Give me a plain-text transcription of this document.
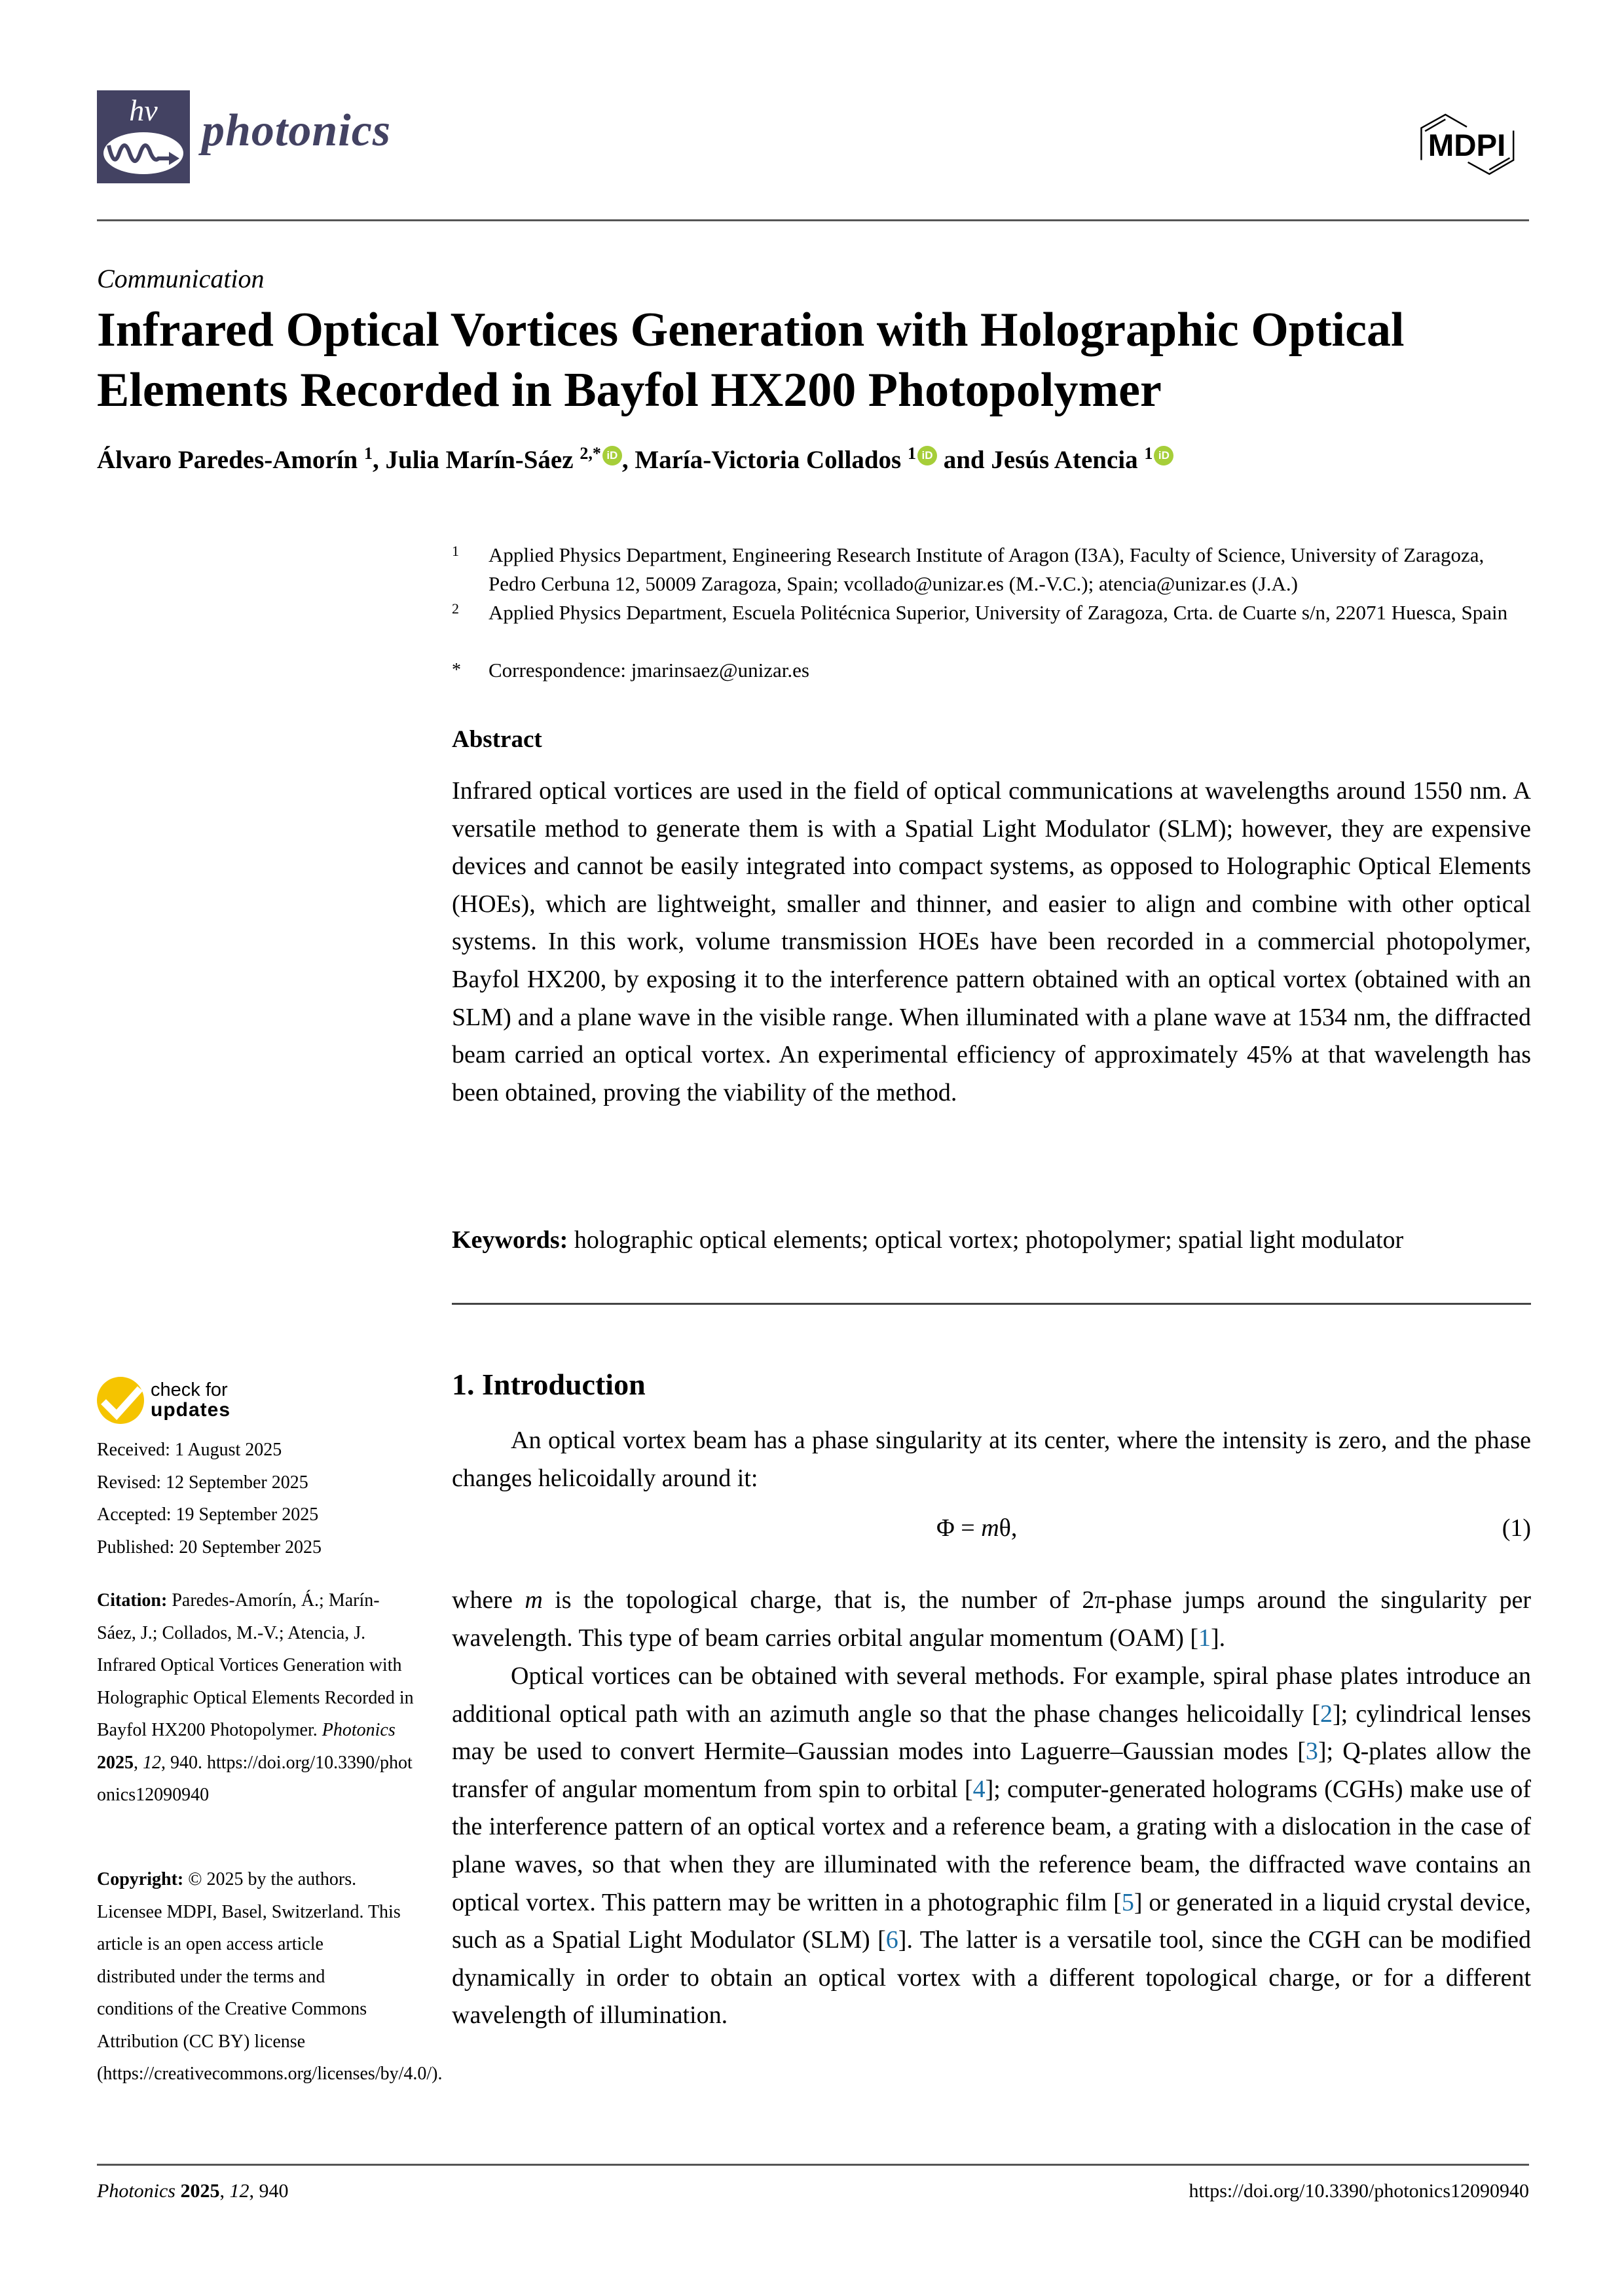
hv photonics	MDPI
Communication
Infrared Optical Vortices Generation with Holographic Optical Elements Recorded in Bayfol HX200 Photopolymer
Álvaro Paredes-Amorín $^1$, Julia Marín-Sáez $^{2,*}$ iD , María-Victoria Collados $^1$ iD and Jesús Atencia $^1$ iD
1 Applied Physics Department, Engineering Research Institute of Aragon (I3A), Faculty of Science, University of Zaragoza, Pedro Cerbuna 12, 50009 Zaragoza, Spain; vcollado@unizar.es (M.-V.C.); atencia@unizar.es (J.A.)
2 Applied Physics Department, Escuela Politécnica Superior, University of Zaragoza, Crta. de Cuarte s/n, 22071 Huesca, Spain
* Correspondence: jmarinsaez@unizar.es
Abstract
Infrared optical vortices are used in the field of optical communications at wavelengths around 1550 nm. A versatile method to generate them is with a Spatial Light Modulator (SLM); however, they are expensive devices and cannot be easily integrated into compact systems, as opposed to Holographic Optical Elements (HOEs), which are lightweight, smaller and thinner, and easier to align and combine with other optical systems. In this work, volume transmission HOEs have been recorded in a commercial photopolymer, Bayfol HX200, by exposing it to the interference pattern obtained with an optical vortex (obtained with an SLM) and a plane wave in the visible range. When illuminated with a plane wave at 1534 nm, the diffracted beam carried an optical vortex. An experimental efficiency of approximately 45% at that wavelength has been obtained, proving the viability of the method.
Keywords: holographic optical elements; optical vortex; photopolymer; spatial light modulator
check for
updates
Received: 1 August 2025
Revised: 12 September 2025
Accepted: 19 September 2025
Published: 20 September 2025
Citation: Paredes-Amorín, Á.; Marín-Sáez, J.; Collados, M.-V.; Atencia, J. Infrared Optical Vortices Generation with Holographic Optical Elements Recorded in Bayfol HX200 Photopolymer. Photonics 2025, 12, 940. https://doi.org/10.3390/photonics12090940
Copyright: © 2025 by the authors. Licensee MDPI, Basel, Switzerland. This article is an open access article distributed under the terms and conditions of the Creative Commons Attribution (CC BY) license (https://creativecommons.org/licenses/by/4.0/).
1. Introduction
An optical vortex beam has a phase singularity at its center, where the intensity is zero, and the phase changes helicoidally around it:
Φ = mθ,	(1)
where m is the topological charge, that is, the number of 2π-phase jumps around the singularity per wavelength. This type of beam carries orbital angular momentum (OAM) [1].
Optical vortices can be obtained with several methods. For example, spiral phase plates introduce an additional optical path with an azimuth angle so that the phase changes helicoidally [2]; cylindrical lenses may be used to convert Hermite–Gaussian modes into Laguerre–Gaussian modes [3]; Q-plates allow the transfer of angular momentum from spin to orbital [4]; computer-generated holograms (CGHs) make use of the interference pattern of an optical vortex and a reference beam, a grating with a dislocation in the case of plane waves, so that when they are illuminated with the reference beam, the diffracted wave contains an optical vortex. This pattern may be written in a photographic film [5] or generated in a liquid crystal device, such as a Spatial Light Modulator (SLM) [6]. The latter is a versatile tool, since the CGH can be modified dynamically in order to obtain an optical vortex with a different topological charge, or for a different wavelength of illumination.
Photonics 2025, 12, 940	https://doi.org/10.3390/photonics12090940
